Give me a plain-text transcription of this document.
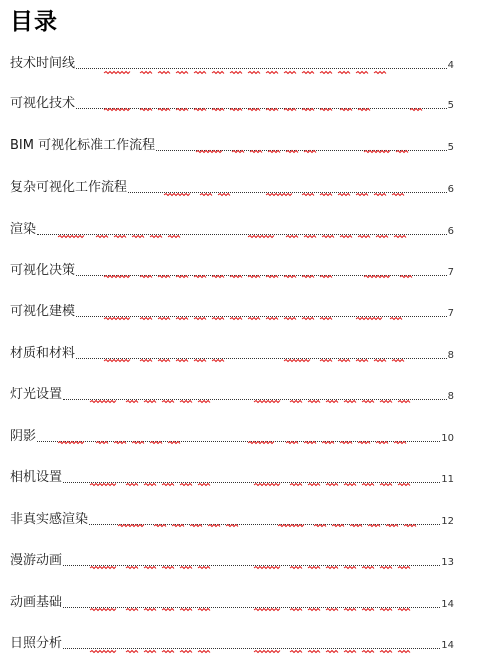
目录
技术时间线	4
可视化技术	5
BIM 可视化标准工作流程	5
复杂可视化工作流程	6
渲染	6
可视化决策	7
可视化建模	7
材质和材料	8
灯光设置	8
阴影	10
相机设置	11
非真实感渲染	12
漫游动画	13
动画基础	14
日照分析	14
